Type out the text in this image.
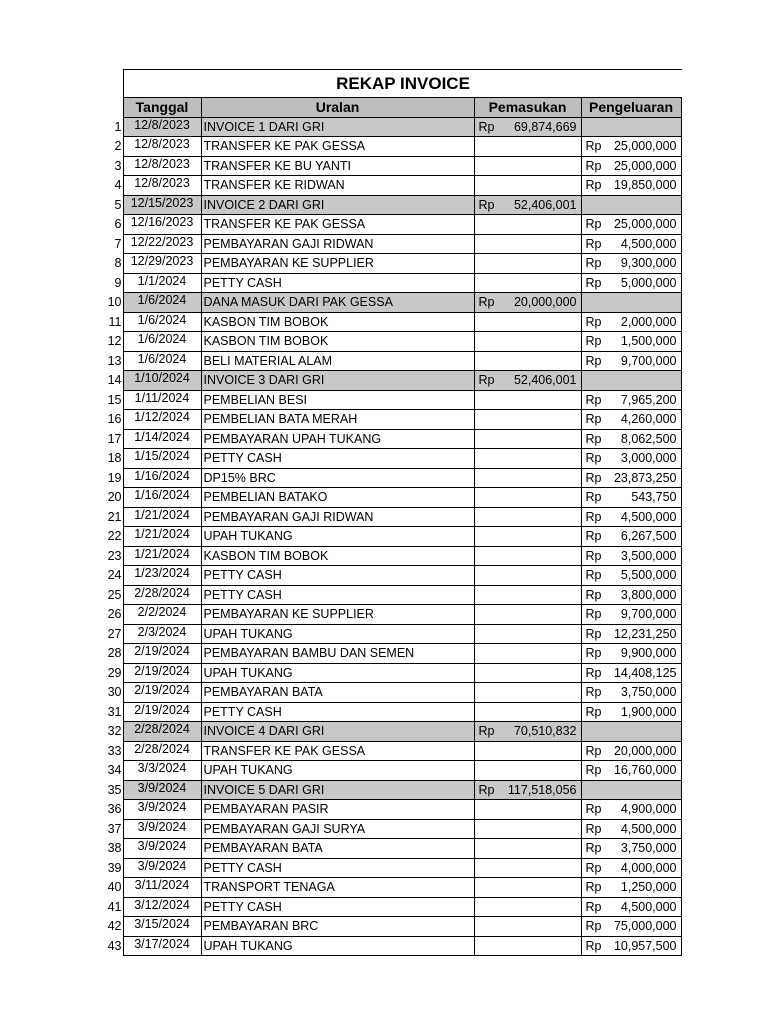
REKAP INVOICE
	Tanggal	Uralan	Pemasukan	Pengeluaran
1	12/8/2023	INVOICE 1 DARI GRI	Rp 69,874,669	

2	12/8/2023	TRANSFER KE PAK GESSA		Rp 25,000,000

3	12/8/2023	TRANSFER KE BU YANTI		Rp 25,000,000

4	12/8/2023	TRANSFER KE RIDWAN		Rp 19,850,000

5	12/15/2023	INVOICE 2 DARI GRI	Rp 52,406,001	

6	12/16/2023	TRANSFER KE PAK GESSA		Rp 25,000,000

7	12/22/2023	PEMBAYARAN GAJI RIDWAN		Rp 4,500,000

8	12/29/2023	PEMBAYARAN KE SUPPLIER		Rp 9,300,000

9	1/1/2024	PETTY CASH		Rp 5,000,000

10	1/6/2024	DANA MASUK DARI PAK GESSA	Rp 20,000,000	

11	1/6/2024	KASBON TIM BOBOK		Rp 2,000,000

12	1/6/2024	KASBON TIM BOBOK		Rp 1,500,000

13	1/6/2024	BELI MATERIAL ALAM		Rp 9,700,000

14	1/10/2024	INVOICE 3 DARI GRI	Rp 52,406,001	

15	1/11/2024	PEMBELIAN BESI		Rp 7,965,200

16	1/12/2024	PEMBELIAN BATA MERAH		Rp 4,260,000

17	1/14/2024	PEMBAYARAN UPAH TUKANG		Rp 8,062,500

18	1/15/2024	PETTY CASH		Rp 3,000,000

19	1/16/2024	DP15% BRC		Rp 23,873,250

20	1/16/2024	PEMBELIAN BATAKO		Rp 543,750

21	1/21/2024	PEMBAYARAN GAJI RIDWAN		Rp 4,500,000

22	1/21/2024	UPAH TUKANG		Rp 6,267,500

23	1/21/2024	KASBON TIM BOBOK		Rp 3,500,000

24	1/23/2024	PETTY CASH		Rp 5,500,000

25	2/28/2024	PETTY CASH		Rp 3,800,000

26	2/2/2024	PEMBAYARAN KE SUPPLIER		Rp 9,700,000

27	2/3/2024	UPAH TUKANG		Rp 12,231,250

28	2/19/2024	PEMBAYARAN BAMBU DAN SEMEN		Rp 9,900,000

29	2/19/2024	UPAH TUKANG		Rp 14,408,125

30	2/19/2024	PEMBAYARAN BATA		Rp 3,750,000

31	2/19/2024	PETTY CASH		Rp 1,900,000

32	2/28/2024	INVOICE 4 DARI GRI	Rp 70,510,832	

33	2/28/2024	TRANSFER KE PAK GESSA		Rp 20,000,000

34	3/3/2024	UPAH TUKANG		Rp 16,760,000

35	3/9/2024	INVOICE 5 DARI GRI	Rp 117,518,056	

36	3/9/2024	PEMBAYARAN PASIR		Rp 4,900,000

37	3/9/2024	PEMBAYARAN GAJI SURYA		Rp 4,500,000

38	3/9/2024	PEMBAYARAN BATA		Rp 3,750,000

39	3/9/2024	PETTY CASH		Rp 4,000,000

40	3/11/2024	TRANSPORT TENAGA		Rp 1,250,000

41	3/12/2024	PETTY CASH		Rp 4,500,000

42	3/15/2024	PEMBAYARAN BRC		Rp 75,000,000

43	3/17/2024	UPAH TUKANG		Rp 10,957,500
